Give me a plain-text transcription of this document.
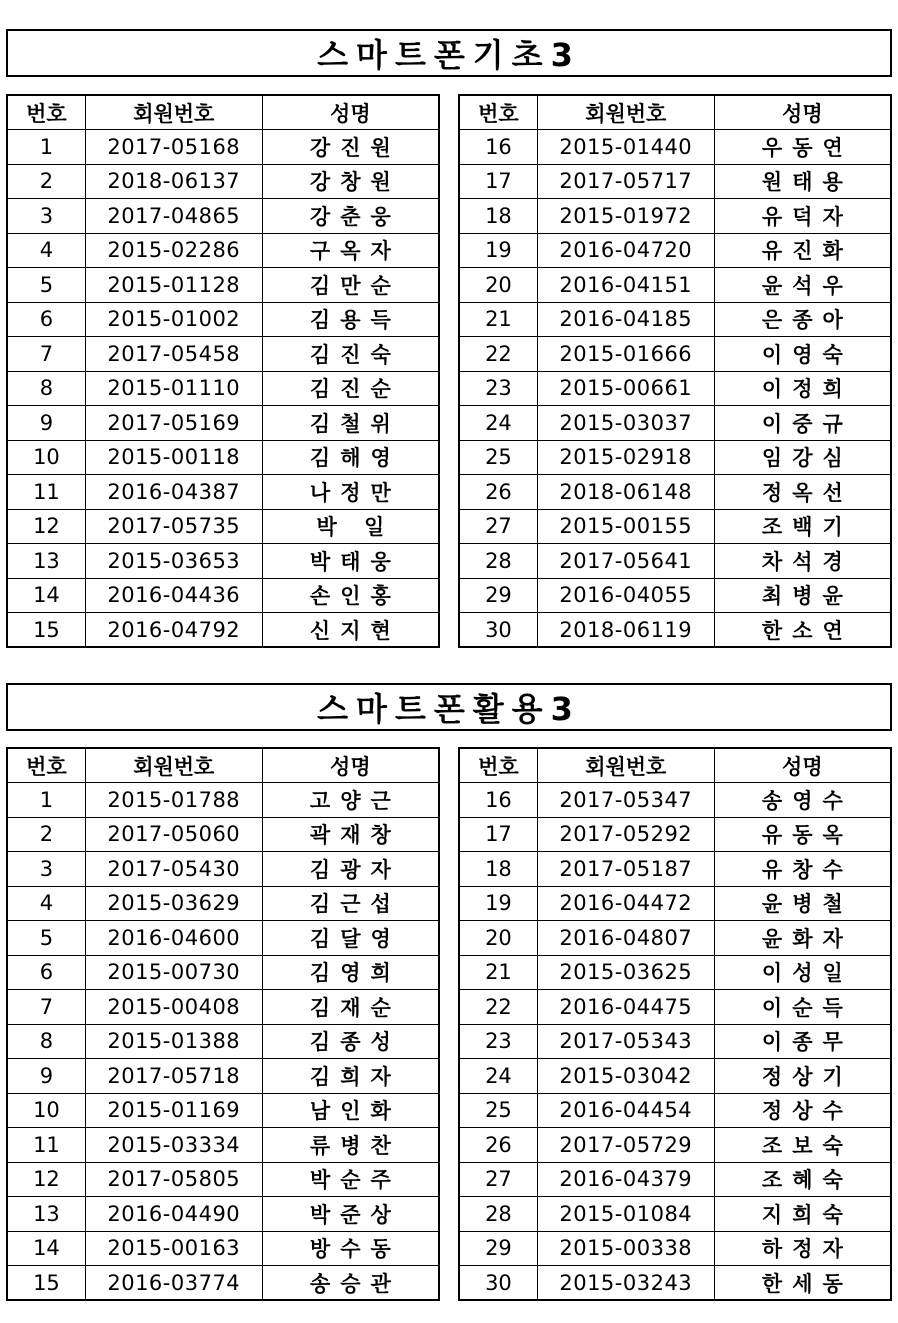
스마트폰기초3
번호	회원번호	성명
1	2017-05168	강진원
2	2018-06137	강창원
3	2017-04865	강춘웅
4	2015-02286	구옥자
5	2015-01128	김만순
6	2015-01002	김용득
7	2017-05458	김진숙
8	2015-01110	김진순
9	2017-05169	김철위
10	2015-00118	김해영
11	2016-04387	나정만
12	2017-05735	박 일
13	2015-03653	박태웅
14	2016-04436	손인홍
15	2016-04792	신지현
번호	회원번호	성명
16	2015-01440	우동연
17	2017-05717	원태용
18	2015-01972	유덕자
19	2016-04720	유진화
20	2016-04151	윤석우
21	2016-04185	은종아
22	2015-01666	이영숙
23	2015-00661	이정희
24	2015-03037	이중규
25	2015-02918	임강심
26	2018-06148	정옥선
27	2015-00155	조백기
28	2017-05641	차석경
29	2016-04055	최병윤
30	2018-06119	한소연
스마트폰활용3
번호	회원번호	성명
1	2015-01788	고양근
2	2017-05060	곽재창
3	2017-05430	김광자
4	2015-03629	김근섭
5	2016-04600	김달영
6	2015-00730	김영희
7	2015-00408	김재순
8	2015-01388	김종성
9	2017-05718	김희자
10	2015-01169	남인화
11	2015-03334	류병찬
12	2017-05805	박순주
13	2016-04490	박준상
14	2015-00163	방수동
15	2016-03774	송승관
번호	회원번호	성명
16	2017-05347	송영수
17	2017-05292	유동옥
18	2017-05187	유창수
19	2016-04472	윤병철
20	2016-04807	윤화자
21	2015-03625	이성일
22	2016-04475	이순득
23	2017-05343	이종무
24	2015-03042	정상기
25	2016-04454	정상수
26	2017-05729	조보숙
27	2016-04379	조혜숙
28	2015-01084	지희숙
29	2015-00338	하정자
30	2015-03243	한세동
